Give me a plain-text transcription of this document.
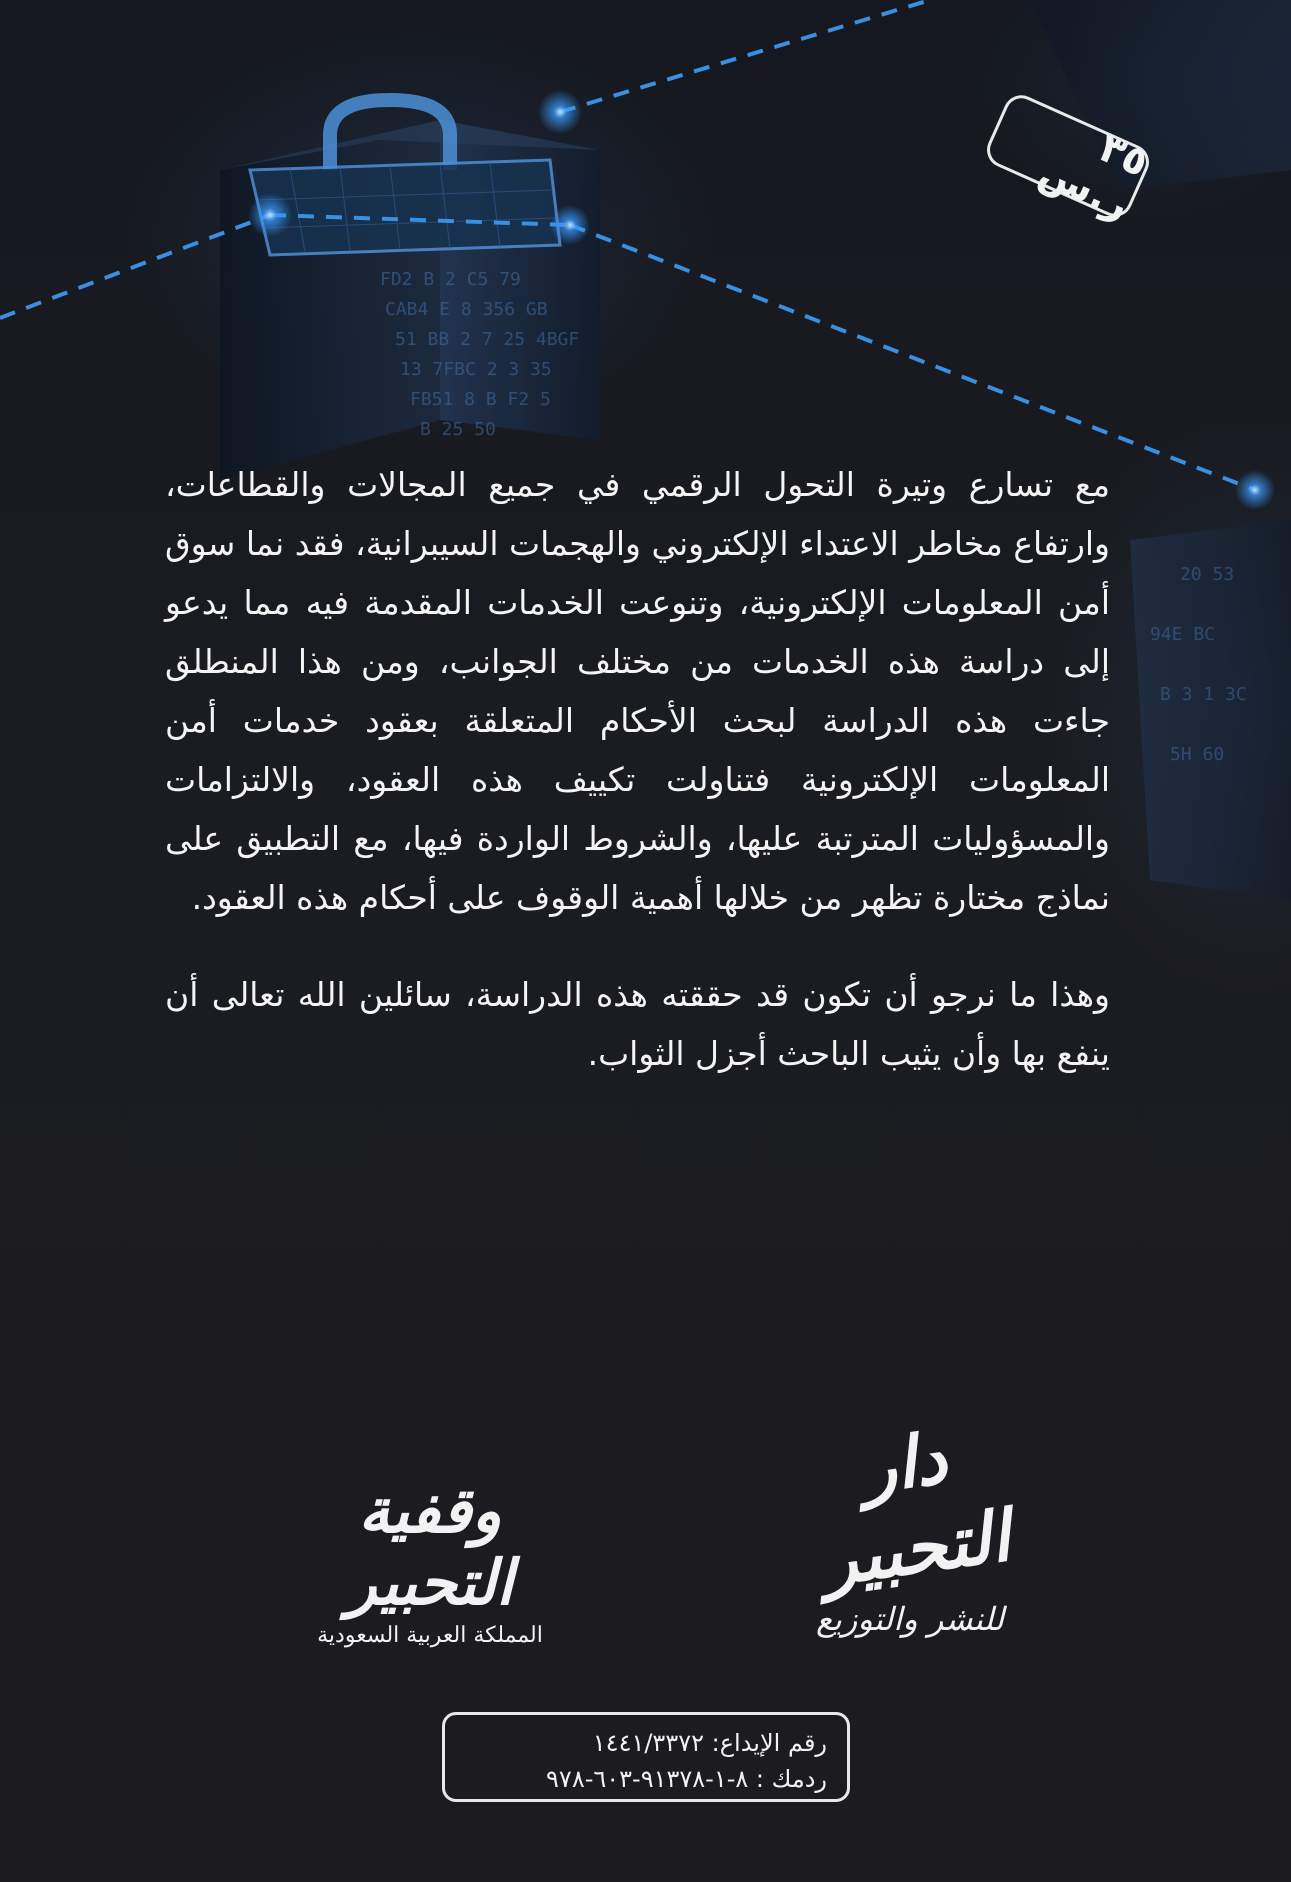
FD2 B 2 C5 79
CAB4 E 8 356 GB
51 BB 2 7 25 4BGF
13 7FBC 2 3 35
FB51 8 B F2 5
B 25 50
20 53
94E BC
B 3 1 3C
5H 60
٣٥ ر.س

مع تسارع وتيرة التحول الرقمي في جميع المجالات والقطاعات، وارتفاع مخاطر الاعتداء الإلكتروني والهجمات السيبرانية، فقد نما سوق أمن المعلومات الإلكترونية، وتنوعت الخدمات المقدمة فيه مما يدعو إلى دراسة هذه الخدمات من مختلف الجوانب، ومن هذا المنطلق جاءت هذه الدراسة لبحث الأحكام المتعلقة بعقود خدمات أمن المعلومات الإلكترونية فتناولت تكييف هذه العقود، والالتزامات والمسؤوليات المترتبة عليها، والشروط الواردة فيها، مع التطبيق على نماذج مختارة تظهر من خلالها أهمية الوقوف على أحكام هذه العقود.

وهذا ما نرجو أن تكون قد حققته هذه الدراسة، سائلين الله تعالى أن ينفع بها وأن يثيب الباحث أجزل الثواب.

وقفية التحبير
المملكة العربية السعودية
دار التحبير
للنشر والتوزيع
رقم الإيداع: ١٤٤١/٣٣٧٢
ردمك : ٨-١-٩١٣٧٨-٦٠٣-٩٧٨
